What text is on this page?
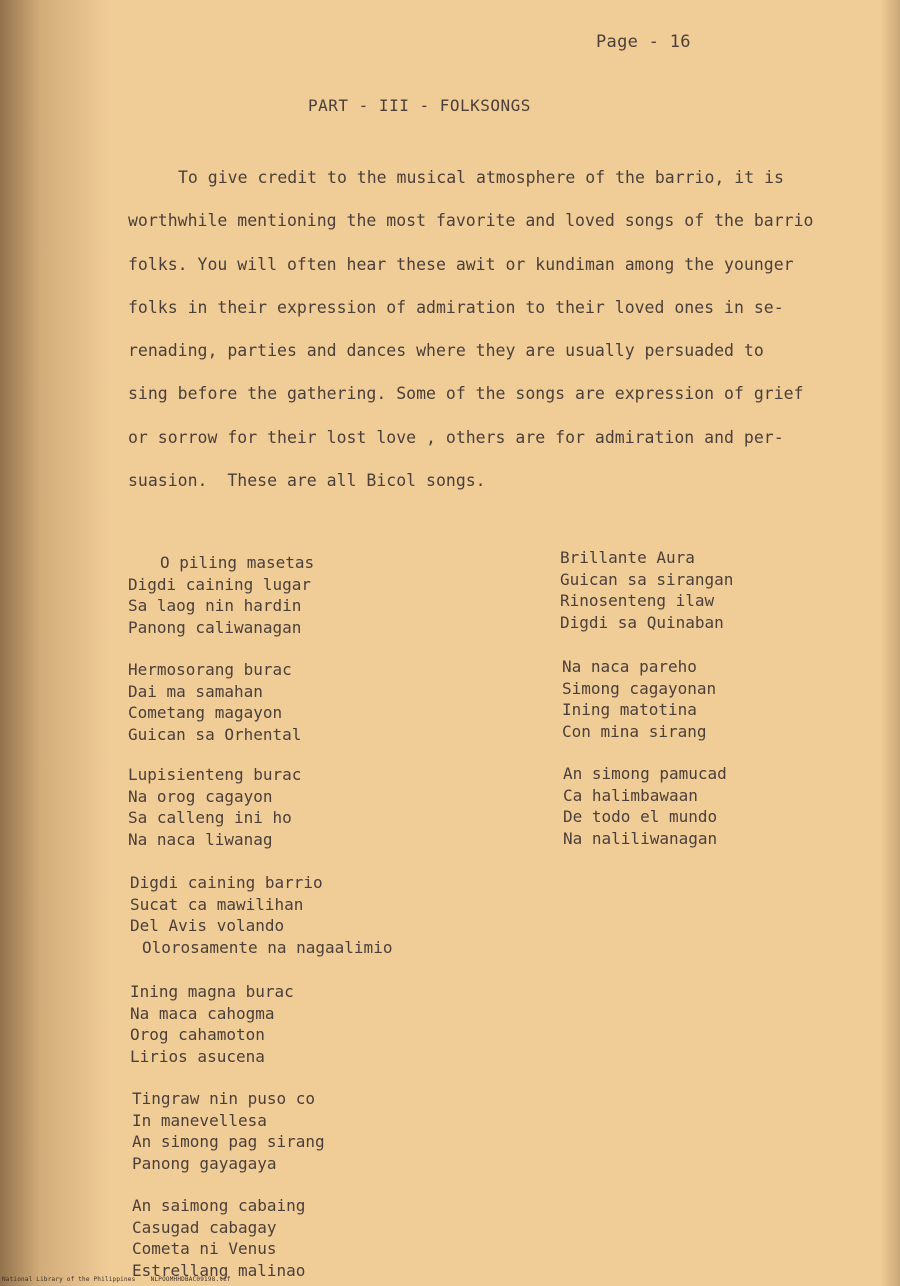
Page - 16
PART - III - FOLKSONGS
To give credit to the musical atmosphere of the barrio, it is
worthwhile mentioning the most favorite and loved songs of the barrio
folks. You will often hear these awit or kundiman among the younger
folks in their expression of admiration to their loved ones in se-
renading, parties and dances where they are usually persuaded to
sing before the gathering. Some of the songs are expression of grief
or sorrow for their lost love , others are for admiration and per-
suasion.  These are all Bicol songs.
O piling masetas
Digdi caining lugar
Sa laog nin hardin
Panong caliwanagan
Hermosorang burac
Dai ma samahan
Cometang magayon
Guican sa Orhental
Lupisienteng burac
Na orog cagayon
Sa calleng ini ho
Na naca liwanag
Digdi caining barrio
Sucat ca mawilihan
Del Avis volando
Olorosamente na nagaalimio
Ining magna burac
Na maca cahogma
Orog cahamoton
Lirios asucena
Tingraw nin puso co
In manevellesa
An simong pag sirang
Panong gayagaya
An saimong cabaing
Casugad cabagay
Cometa ni Venus
Estrellang malinao
Brillante Aura
Guican sa sirangan
Rinosenteng ilaw
Digdi sa Quinaban
Na naca pareho
Simong cagayonan
Ining matotina
Con mina sirang
An simong pamucad
Ca halimbawaan
De todo el mundo
Na naliliwanagan
National Library of the Philippines    NLPOOMHHDBAC09198.tif
